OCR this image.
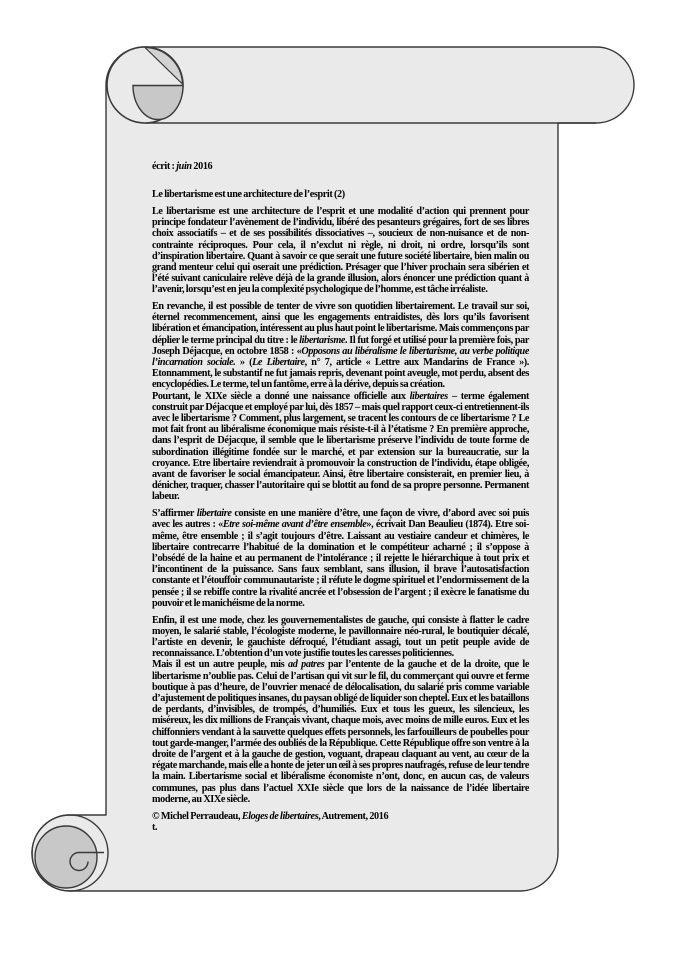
écrit : juin 2016

Le libertarisme est une architecture de l’esprit (2)

Le libertarisme est une architecture de l’esprit et une modalité d’action qui prennent pour principe fondateur l’avènement de l’individu, libéré des pesanteurs grégaires, fort de ses libres choix associatifs – et de ses possibilités dissociatives –, soucieux de non-nuisance et de non-contrainte réciproques. Pour cela, il n’exclut ni règle, ni droit, ni ordre, lorsqu’ils sont d’inspiration libertaire. Quant à savoir ce que serait une future société libertaire, bien malin ou grand menteur celui qui oserait une prédiction. Présager que l’hiver prochain sera sibérien et l’été suivant caniculaire relève déjà de la grande illusion, alors énoncer une prédiction quant à l’avenir, lorsqu’est en jeu la complexité psychologique de l’homme, est tâche irréaliste.

En revanche, il est possible de tenter de vivre son quotidien libertairement. Le travail sur soi, éternel recommencement, ainsi que les engagements entraidistes, dès lors qu’ils favorisent libération et émancipation, intéressent au plus haut point le libertarisme. Mais commençons par déplier le terme principal du titre : le libertarisme. Il fut forgé et utilisé pour la première fois, par Joseph Déjacque, en octobre 1858 : «Opposons au libéralisme le libertarisme, au verbe politique l’incarnation sociale. » (Le Libertaire, n° 7, article « Lettre aux Mandarins de France »). Etonnamment, le substantif ne fut jamais repris, devenant point aveugle, mot perdu, absent des encyclopédies. Le terme, tel un fantôme, erre à la dérive, depuis sa création.

Pourtant, le XIXe siècle a donné une naissance officielle aux libertaires – terme également construit par Déjacque et employé par lui, dès 1857 – mais quel rapport ceux-ci entretiennent-ils avec le libertarisme ? Comment, plus largement, se tracent les contours de ce libertarisme ? Le mot fait front au libéralisme économique mais résiste-t-il à l’étatisme ? En première approche, dans l’esprit de Déjacque, il semble que le libertarisme préserve l’individu de toute forme de subordination illégitime fondée sur le marché, et par extension sur la bureaucratie, sur la croyance. Etre libertaire reviendrait à promouvoir la construction de l’individu, étape obligée, avant de favoriser le social émancipateur. Ainsi, être libertaire consisterait, en premier lieu, à dénicher, traquer, chasser l’autoritaire qui se blottit au fond de sa propre personne. Permanent labeur.

S’affirmer libertaire consiste en une manière d’être, une façon de vivre, d’abord avec soi puis avec les autres : «Etre soi-même avant d’être ensemble», écrivait Dan Beaulieu (1874). Etre soi-même, être ensemble ; il s’agit toujours d’être. Laissant au vestiaire candeur et chimères, le libertaire contrecarre l’habitué de la domination et le compétiteur acharné ; il s’oppose à l’obsédé de la haine et au permanent de l’intolérance ; il rejette le hiérarchique à tout prix et l’incontinent de la puissance. Sans faux semblant, sans illusion, il brave l’autosatisfaction constante et l’étouffoir communautariste ; il réfute le dogme spirituel et l’endormissement de la pensée ; il se rebiffe contre la rivalité ancrée et l’obsession de l’argent ; il exècre le fanatisme du pouvoir et le manichéisme de la norme.

Enfin, il est une mode, chez les gouvernementalistes de gauche, qui consiste à flatter le cadre moyen, le salarié stable, l’écologiste moderne, le pavillonnaire néo-rural, le boutiquier décalé, l’artiste en devenir, le gauchiste défroqué, l’étudiant assagi, tout un petit peuple avide de reconnaissance. L’obtention d’un vote justifie toutes les caresses politiciennes.

Mais il est un autre peuple, mis ad patres par l’entente de la gauche et de la droite, que le libertarisme n’oublie pas. Celui de l’artisan qui vit sur le fil, du commerçant qui ouvre et ferme boutique à pas d’heure, de l’ouvrier menacé de délocalisation, du salarié pris comme variable d’ajustement de politiques insanes, du paysan obligé de liquider son cheptel. Eux et les bataillons de perdants, d’invisibles, de trompés, d’humiliés. Eux et tous les gueux, les silencieux, les miséreux, les dix millions de Français vivant, chaque mois, avec moins de mille euros. Eux et les chiffonniers vendant à la sauvette quelques effets personnels, les farfouilleurs de poubelles pour tout garde-manger, l’armée des oubliés de la République. Cette République offre son ventre à la droite de l’argent et à la gauche de gestion, voguant, drapeau claquant au vent, au cœur de la régate marchande, mais elle a honte de jeter un œil à ses propres naufragés, refuse de leur tendre la main. Libertarisme social et libéralisme économiste n’ont, donc, en aucun cas, de valeurs communes, pas plus dans l’actuel XXIe siècle que lors de la naissance de l’idée libertaire moderne, au XIXe siècle.

© Michel Perraudeau, Eloges de libertaires, Autrement, 2016

t.
